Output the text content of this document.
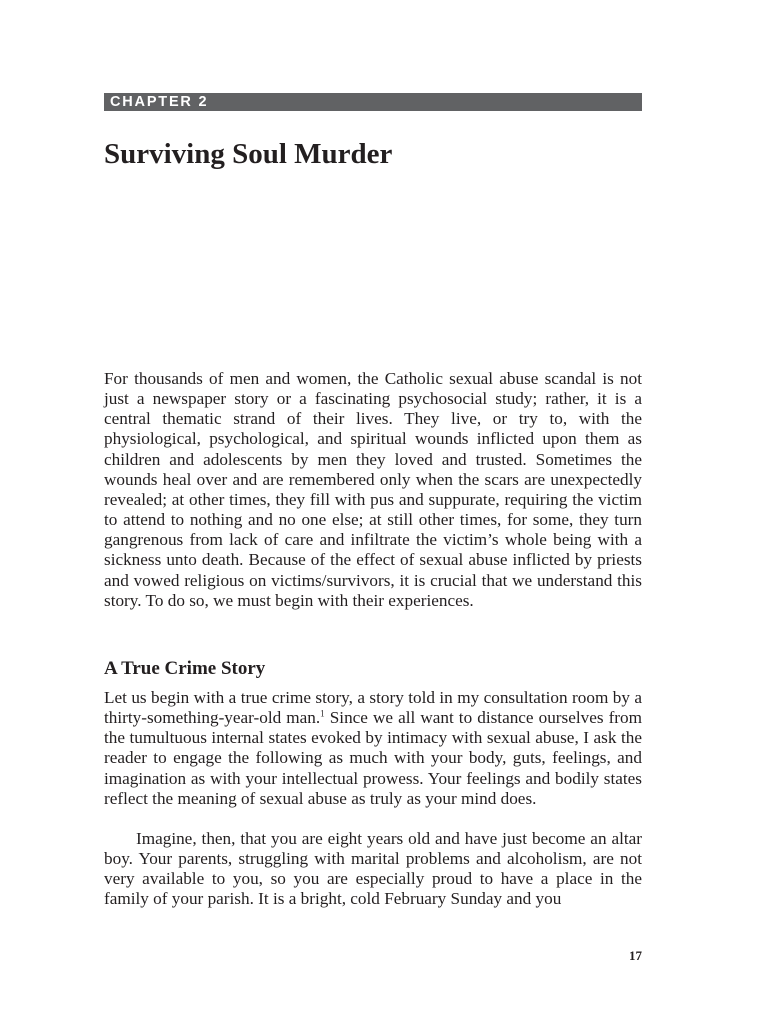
CHAPTER 2
Surviving Soul Murder

For thousands of men and women, the Catholic sexual abuse scandal is not just a newspaper story or a fascinating psychosocial study; rather, it is a central thematic strand of their lives. They live, or try to, with the physiological, psychological, and spiritual wounds inflicted upon them as children and adolescents by men they loved and trusted. Sometimes the wounds heal over and are remembered only when the scars are unexpectedly revealed; at other times, they fill with pus and suppurate, requiring the victim to attend to nothing and no one else; at still other times, for some, they turn gangrenous from lack of care and infiltrate the victim’s whole being with a sickness unto death. Because of the effect of sexual abuse inflicted by priests and vowed religious on victims/survivors, it is crucial that we understand this story. To do so, we must begin with their experiences.

A True Crime Story

Let us begin with a true crime story, a story told in my consultation room by a thirty-something-year-old man.$^1$ Since we all want to distance ourselves from the tumultuous internal states evoked by intimacy with sexual abuse, I ask the reader to engage the following as much with your body, guts, feelings, and imagination as with your intellectual prowess. Your feelings and bodily states reflect the meaning of sexual abuse as truly as your mind does.

Imagine, then, that you are eight years old and have just become an altar boy. Your parents, struggling with marital problems and alcoholism, are not very available to you, so you are especially proud to have a place in the family of your parish. It is a bright, cold February Sunday and you

17
